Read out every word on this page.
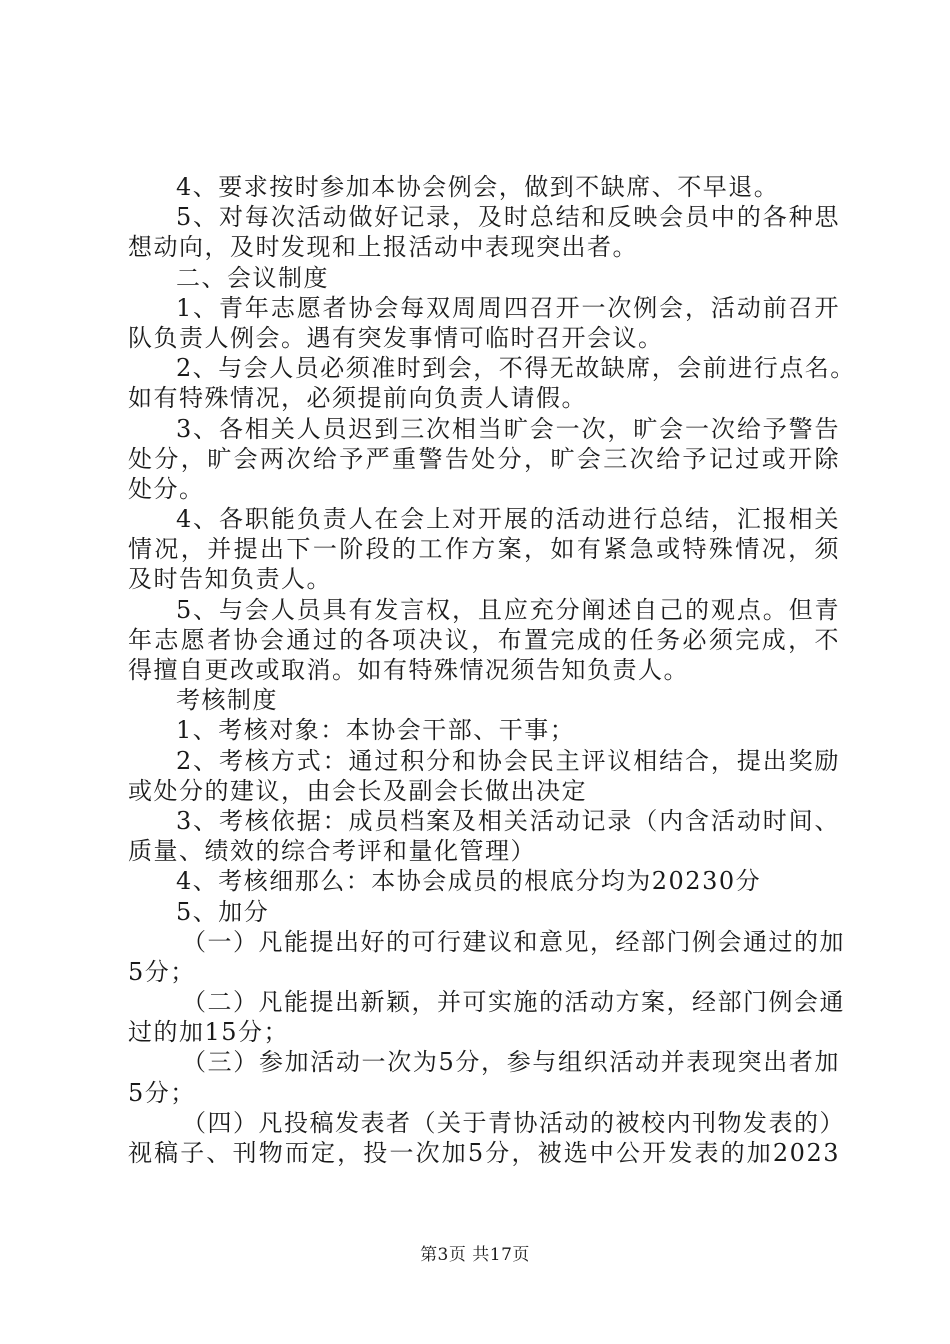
4、要求按时参加本协会例会，做到不缺席、不早退。
5、对每次活动做好记录，及时总结和反映会员中的各种思
想动向，及时发现和上报活动中表现突出者。
二、会议制度
1、青年志愿者协会每双周周四召开一次例会，活动前召开
队负责人例会。遇有突发事情可临时召开会议。
2、与会人员必须准时到会，不得无故缺席，会前进行点名。
如有特殊情况，必须提前向负责人请假。
3、各相关人员迟到三次相当旷会一次，旷会一次给予警告
处分，旷会两次给予严重警告处分，旷会三次给予记过或开除
处分。
4、各职能负责人在会上对开展的活动进行总结，汇报相关
情况，并提出下一阶段的工作方案，如有紧急或特殊情况，须
及时告知负责人。
5、与会人员具有发言权，且应充分阐述自己的观点。但青
年志愿者协会通过的各项决议，布置完成的任务必须完成，不
得擅自更改或取消。如有特殊情况须告知负责人。
考核制度
1、考核对象：本协会干部、干事；
2、考核方式：通过积分和协会民主评议相结合，提出奖励
或处分的建议，由会长及副会长做出决定
3、考核依据：成员档案及相关活动记录（内含活动时间、
质量、绩效的综合考评和量化管理）
4、考核细那么：本协会成员的根底分均为20230分
5、加分
（一）凡能提出好的可行建议和意见，经部门例会通过的加
5分；
（二）凡能提出新颖，并可实施的活动方案，经部门例会通
过的加15分；
（三）参加活动一次为5分，参与组织活动并表现突出者加
5分；
（四）凡投稿发表者（关于青协活动的被校内刊物发表的）
视稿子、刊物而定，投一次加5分，被选中公开发表的加2023
第3页 共17页
